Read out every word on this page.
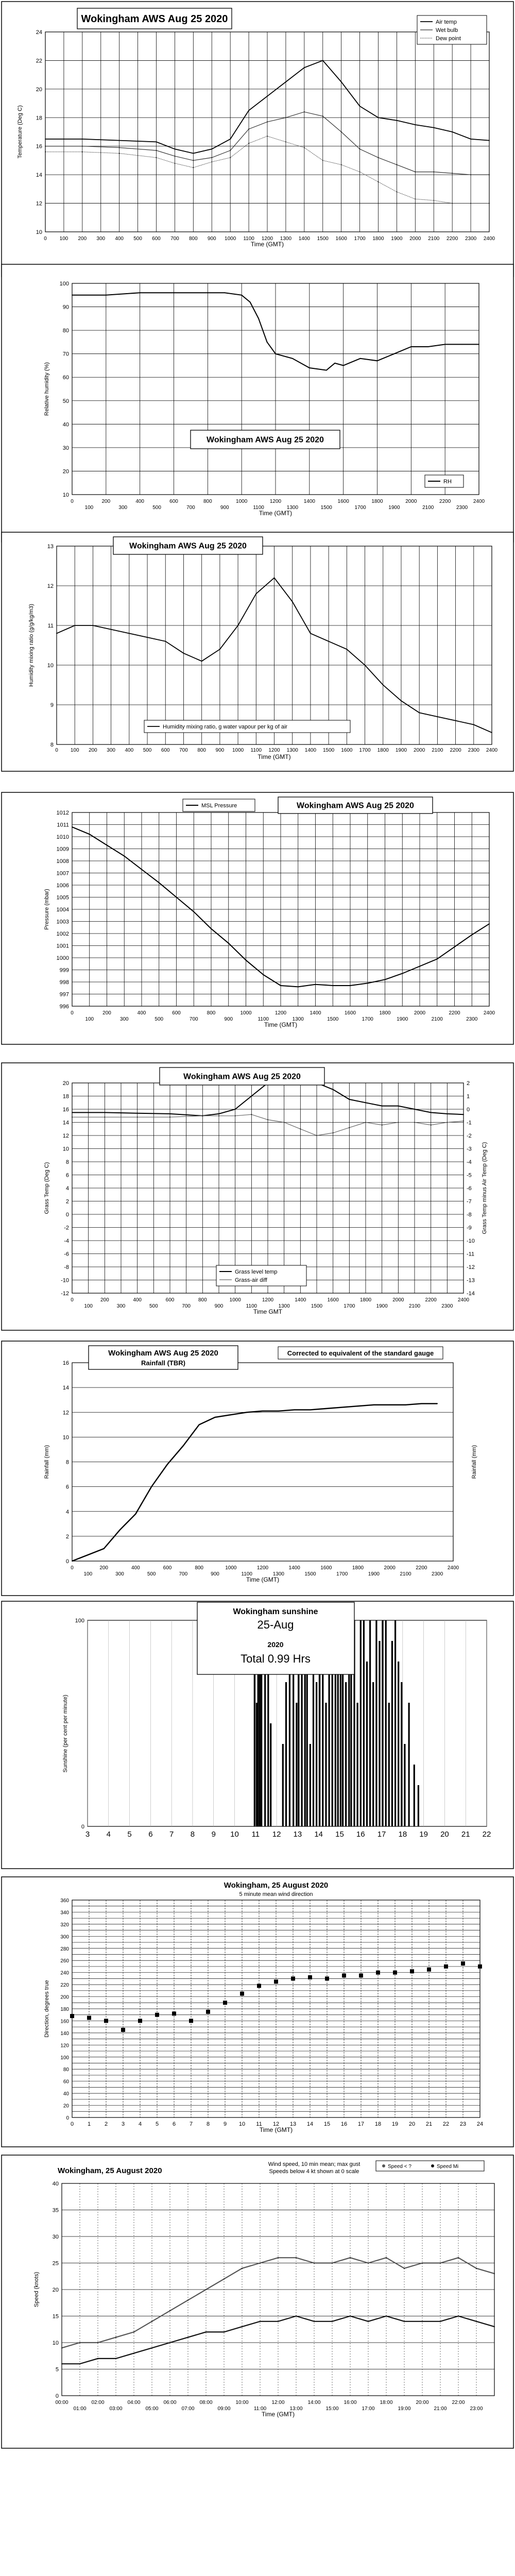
10
12
14
16
18
20
22
24
0 100 200 300 400 500 600 700 800 900 1000 1100 1200 1300 1400 1500 1600 1700 1800 1900 2000 2100 2200 2300 2400
Time (GMT)
Temperature (Deg C)
Wokingham AWS Aug 25 2020	Air temp
Wet bulb
Dew point
10
20
30
40
50
60
70
80
90
100
0	200	400	600	800	1000	1200	1400	1600	1800	2000	2200	2400
100	300	500	700	900	1100	1300	1500	1700	1900	2100	2300
Time (GMT)
Relative humidity (%)
Wokingham AWS Aug 25 2020
RH
8
9
10
11
12
13
0 100 200 300 400 500 600 700 800 900 1000 1100 1200 1300 1400 1500 1600 1700 1800 1900 2000 2100 2200 2300 2400
Time (GMT)
Humidity mixing ratio (g/g/kg/m3)
Wokingham AWS Aug 25 2020
Humidity mixing ratio, g water vapour per kg of air
996
997
998
999
1000
1001
1002
1003
1004
1005
1006
1007
1008
1009
1010
1011
1012
0	200	400	600	800	1000	1200	1400	1600	1800	2000	2200	2400
100	300	500	700	900	1100	1300	1500	1700	1900	2100	2300
Time (GMT)
Pressure (mbar)
MSL Pressure	Wokingham AWS Aug 25 2020
-12
-10
-8
-6
-4
-2
0
2
4
6
8
10
12
14
16
18
20
-14
-13
-12
-11
-10
-9
-8
-7
-6
-5
-4
-3
-2
-1
0
1
2
0	200	400	600	800	1000	1200	1400	1600	1800	2000	2200	2400
100	300	500	700	900	1100	1300	1500	1700	1900	2100	2300
Time GMT
Grass Temp (Deg C)	Grass Temp minus Air Temp (Deg C)
Wokingham AWS Aug 25 2020
Grass level temp
Grass-air diff
0
2
4
6
8
10
12
14
16
0	200	400	600	800	1000	1200	1400	1600	1800	2000	2200	2400
100	300	500	700	900	1100	1300	1500	1700	1900	2100	2300
Time (GMT)
Rainfall (mm)	Rainfall (mm)
Wokingham AWS Aug 25 2020
Rainfall (TBR)
Corrected to equivalent of the standard gauge
0
100
3 4 5 6 7 8 9 10 11 12 13 14 15 16 17 18 19 20 21 22
Sunshine (per cent per minute)
Wokingham sunshine
25-Aug
2020
Total 0.99 Hrs
0
20
40
60
80
100
120
140
160
180
200
220
240
260
280
300
320
340
360
0 1 2 3 4 5 6 7 8 9 10 11 12 13 14 15 16 17 18 19 20 21 22 23 24
Time (GMT)
Direction, degrees true
Wokingham, 25 August 2020
5 minute mean wind direction
0
5
10
15
20
25
30
35
40
00:00	02:00	04:00	06:00	08:00	10:00	12:00	14:00	16:00	18:00	20:00	22:00
01:00	03:00	05:00	07:00	09:00	11:00	13:00	15:00	17:00	19:00	21:00	23:00
Time (GMT)
Speed (knots)
Wokingham, 25 August 2020
Wind speed, 10 min mean; max gust
Speeds below 4 kt shown at 0 scale
Speed < ?	Speed Mi
